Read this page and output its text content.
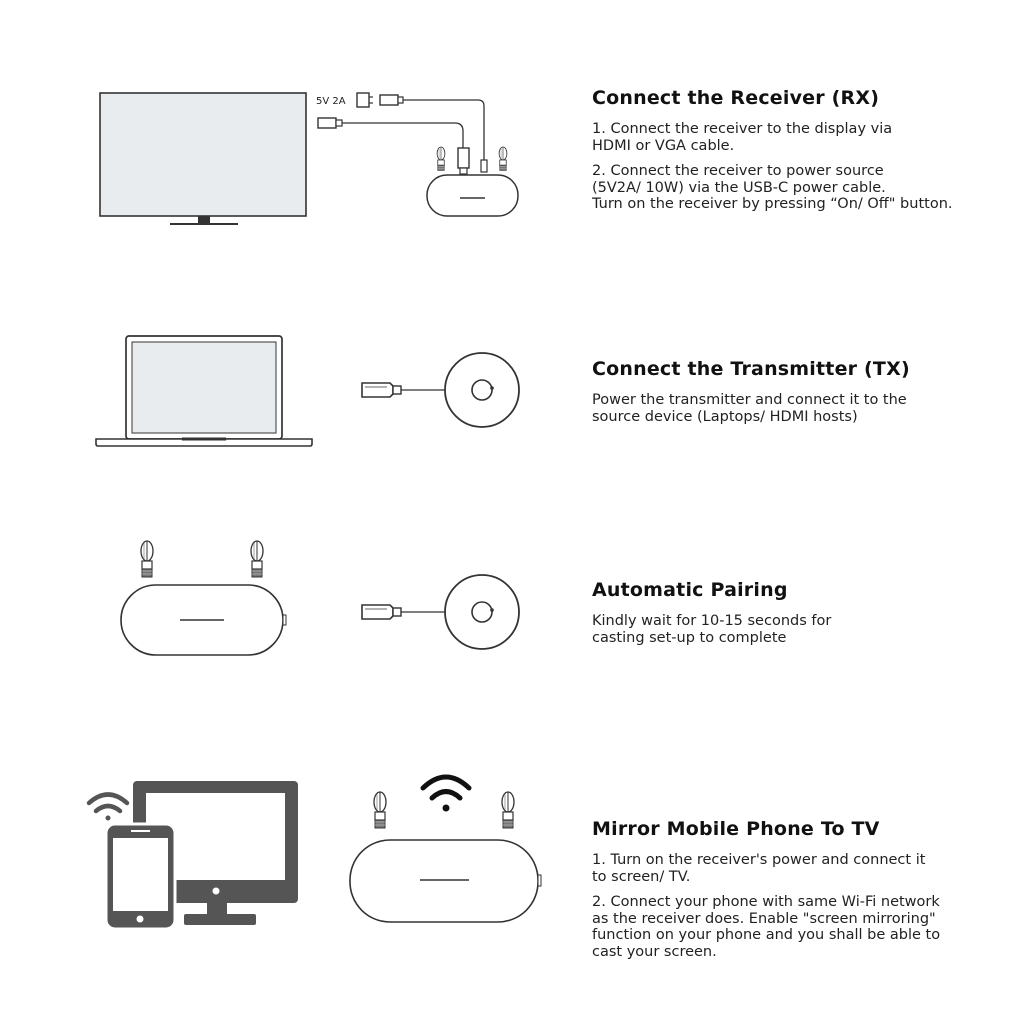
5V 2A	Connect the Receiver (RX)

1. Connect the receiver to the display via
HDMI or VGA cable.

2. Connect the receiver to power source
(5V2A/ 10W) via the USB-C power cable.
Turn on the receiver by pressing “On/ Off" button.

Connect the Transmitter (TX)

Power the transmitter and connect it to the
source device (Laptops/ HDMI hosts)

Automatic Pairing

Kindly wait for 10-15 seconds for
casting set-up to complete

Mirror Mobile Phone To TV

1. Turn on the receiver's power and connect it
to screen/ TV.

2. Connect your phone with same Wi-Fi network
as the receiver does. Enable "screen mirroring"
function on your phone and you shall be able to
cast your screen.
